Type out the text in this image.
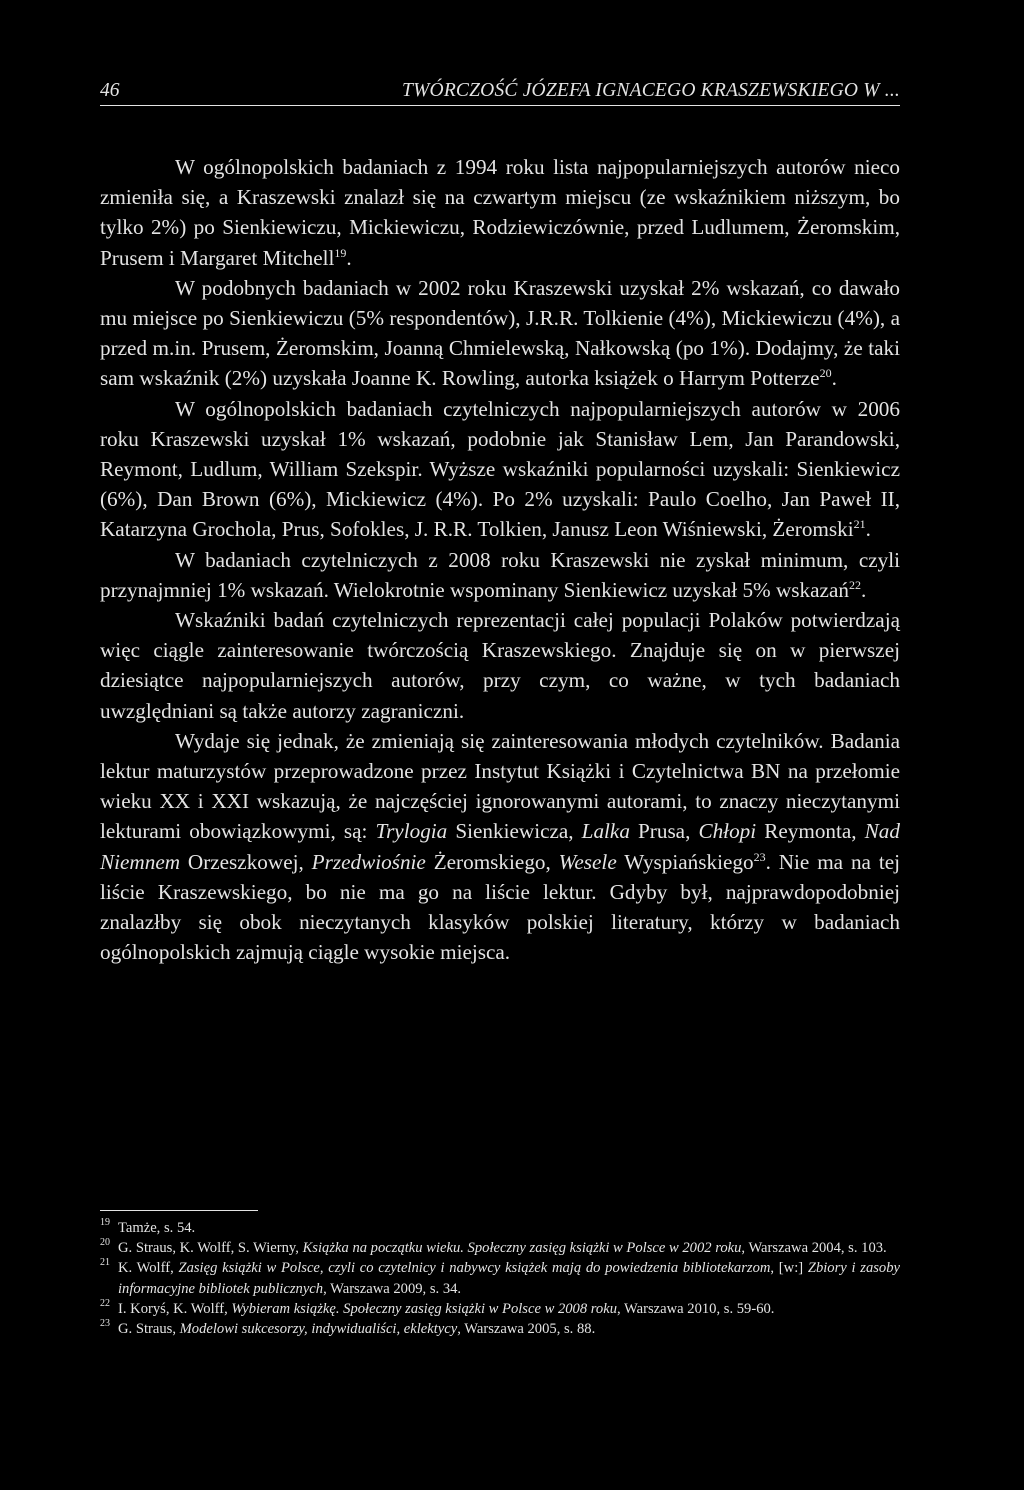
46	TWÓRCZOŚĆ JÓZEFA IGNACEGO KRASZEWSKIEGO W ...

W ogólnopolskich badaniach z 1994 roku lista najpopularniejszych autorów nieco zmieniła się, a Kraszewski znalazł się na czwartym miejscu (ze wskaźnikiem niższym, bo tylko 2%) po Sienkiewiczu, Mickiewiczu, Rodziewiczównie, przed Ludlumem, Żeromskim, Prusem i Margaret Mitchell$^{19}$.

W podobnych badaniach w 2002 roku Kraszewski uzyskał 2% wskazań, co dawało mu miejsce po Sienkiewiczu (5% respondentów), J.R.R. Tolkienie (4%), Mickiewiczu (4%), a przed m.in. Prusem, Żeromskim, Joanną Chmielewską, Nałkowską (po 1%). Dodajmy, że taki sam wskaźnik (2%) uzyskała Joanne K. Rowling, autorka książek o Harrym Potterze$^{20}$.

W ogólnopolskich badaniach czytelniczych najpopularniejszych autorów w 2006 roku Kraszewski uzyskał 1% wskazań, podobnie jak Stanisław Lem, Jan Parandowski, Reymont, Ludlum, William Szekspir. Wyższe wskaźniki popularności uzyskali: Sienkiewicz (6%), Dan Brown (6%), Mickiewicz (4%). Po 2% uzyskali: Paulo Coelho, Jan Paweł II, Katarzyna Grochola, Prus, Sofokles, J. R.R. Tolkien, Janusz Leon Wiśniewski, Żeromski$^{21}$.

W badaniach czytelniczych z 2008 roku Kraszewski nie zyskał minimum, czyli przynajmniej 1% wskazań. Wielokrotnie wspominany Sienkiewicz uzyskał 5% wskazań$^{22}$.

Wskaźniki badań czytelniczych reprezentacji całej populacji Polaków potwierdzają więc ciągle zainteresowanie twórczością Kraszewskiego. Znajduje się on w pierwszej dziesiątce najpopularniejszych autorów, przy czym, co ważne, w tych badaniach uwzględniani są także autorzy zagraniczni.

Wydaje się jednak, że zmieniają się zainteresowania młodych czytelników. Badania lektur maturzystów przeprowadzone przez Instytut Książki i Czytelnictwa BN na przełomie wieku XX i XXI wskazują, że najczęściej ignorowanymi autorami, to znaczy nieczytanymi lekturami obowiązkowymi, są: Trylogia Sienkiewicza, Lalka Prusa, Chłopi Reymonta, Nad Niemnem Orzeszkowej, Przedwiośnie Żeromskiego, Wesele Wyspiańskiego$^{23}$. Nie ma na tej liście Kraszewskiego, bo nie ma go na liście lektur. Gdyby był, najprawdopodobniej znalazłby się obok nieczytanych klasyków polskiej literatury, którzy w badaniach ogólnopolskich zajmują ciągle wysokie miejsca.

19 Tamże, s. 54.

20 G. Straus, K. Wolff, S. Wierny, Książka na początku wieku. Społeczny zasięg książki w Polsce w 2002 roku, Warszawa 2004, s. 103.

21 K. Wolff, Zasięg książki w Polsce, czyli co czytelnicy i nabywcy książek mają do powiedzenia bibliotekarzom, [w:] Zbiory i zasoby informacyjne bibliotek publicznych, Warszawa 2009, s. 34.

22 I. Koryś, K. Wolff, Wybieram książkę. Społeczny zasięg książki w Polsce w 2008 roku, Warszawa 2010, s. 59-60.

23 G. Straus, Modelowi sukcesorzy, indywidualiści, eklektycy, Warszawa 2005, s. 88.
